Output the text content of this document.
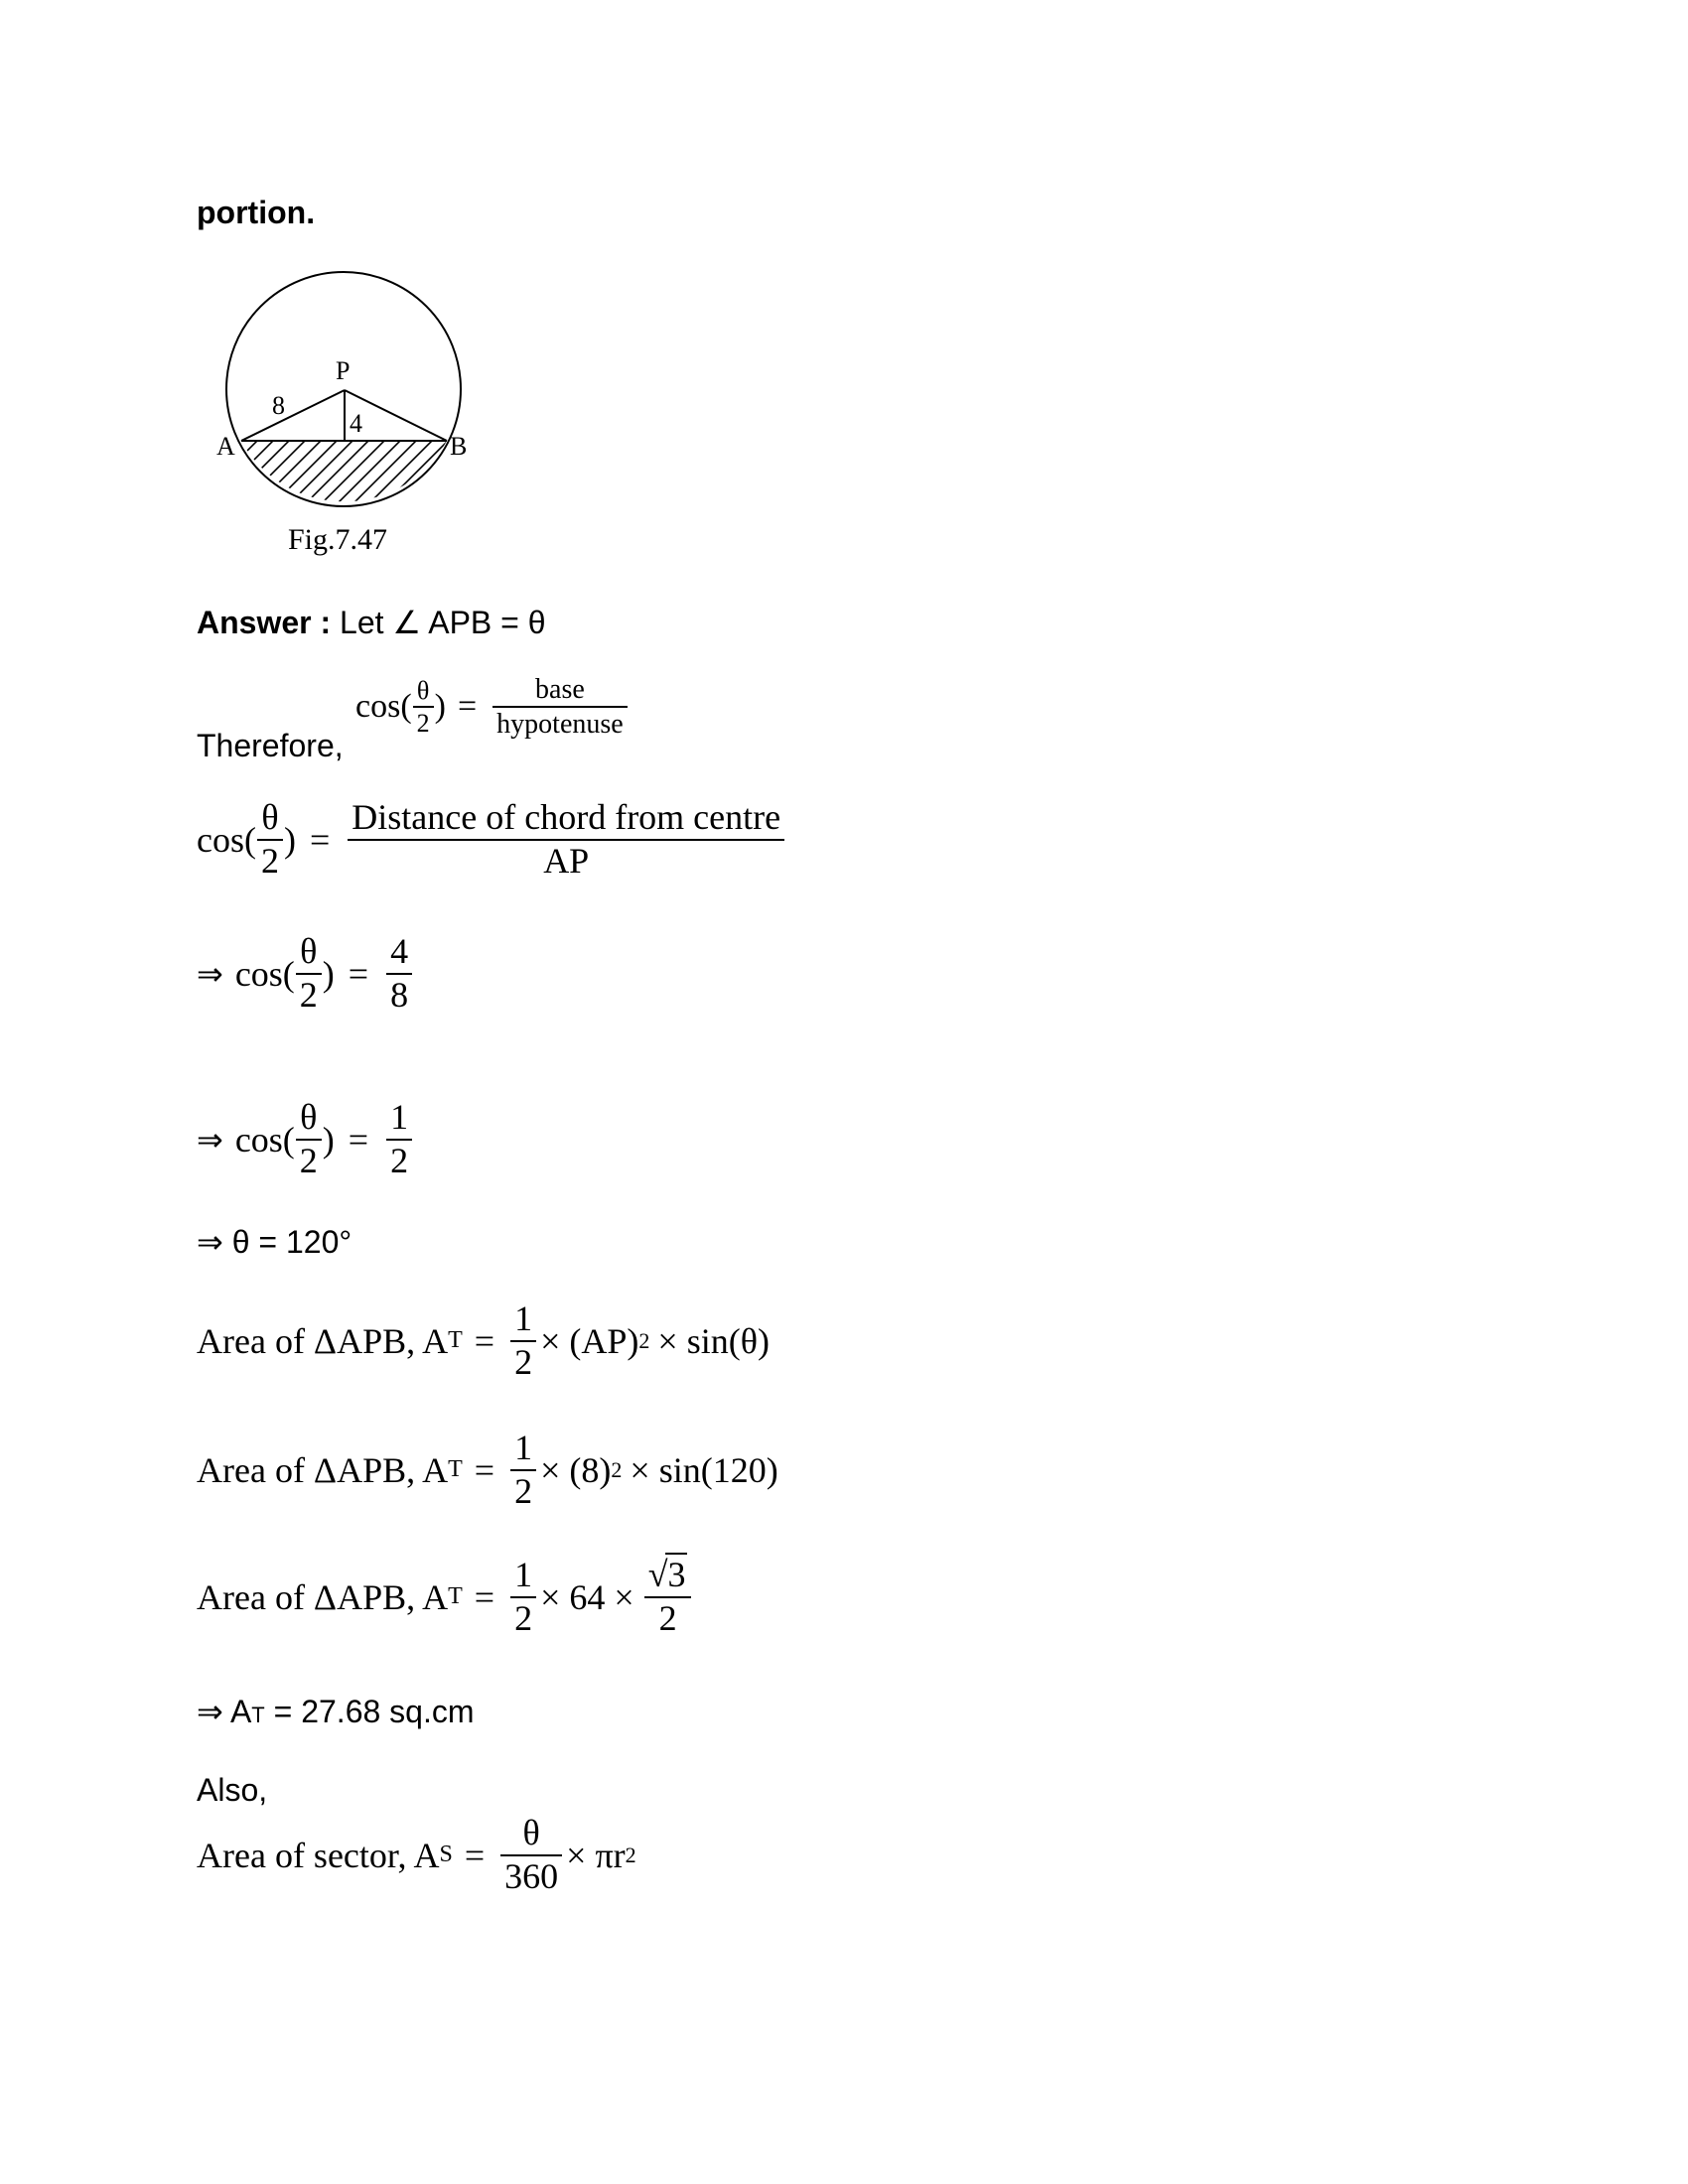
portion.
A	B
P
8
4
Fig.7.47
Answer : Let ∠ APB = θ
Therefore,
$\cos( \frac{\theta}{2}$ ) = $\frac{\text{base}}{\text{hypotenuse}}$
$\cos( \frac{\theta}{2}$ ) = $\frac{\text{Distance of chord from centre}}{AP}$
⇒ $\cos( \frac{\theta}{2}$ ) = $\frac{4}{8}$
⇒ $\cos( \frac{\theta}{2}$ ) = $\frac{1}{2}$
⇒ θ = 120°
Area of ΔAPB, A $T = \frac{1}{2} \times (AP) 2 \times \sin(\theta)$
Area of ΔAPB, A $T = \frac{1}{2} \times (8) 2 \times \sin(120)$
Area of ΔAPB, A $T = \frac{1}{2} \times 64 \times \frac{√3}{2}$
⇒ AT = 27.68 sq.cm
Also,
Area of sector, A $S = \frac{\theta}{360} \times \pi r$ 2
